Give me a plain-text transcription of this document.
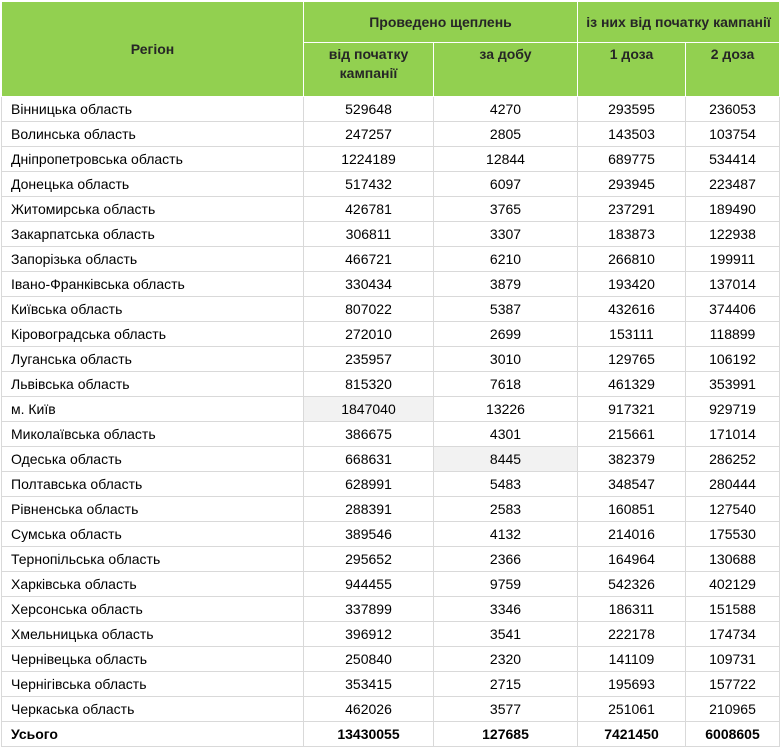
Регіон	Проведено щеплень		із них від початку кампанії	
	від початку кампанії	за добу	1 доза	2 доза
Вінницька область	529648	4270	293595	236053
Волинська область	247257	2805	143503	103754
Дніпропетровська область	1224189	12844	689775	534414
Донецька область	517432	6097	293945	223487
Житомирська область	426781	3765	237291	189490
Закарпатська область	306811	3307	183873	122938
Запорізька область	466721	6210	266810	199911
Івано-Франківська область	330434	3879	193420	137014
Київська область	807022	5387	432616	374406
Кіровоградська область	272010	2699	153111	118899
Луганська область	235957	3010	129765	106192
Львівська область	815320	7618	461329	353991
м. Київ	1847040	13226	917321	929719
Миколаївська область	386675	4301	215661	171014
Одеська область	668631	8445	382379	286252
Полтавська область	628991	5483	348547	280444
Рівненська область	288391	2583	160851	127540
Сумська область	389546	4132	214016	175530
Тернопільська область	295652	2366	164964	130688
Харківська область	944455	9759	542326	402129
Херсонська область	337899	3346	186311	151588
Хмельницька область	396912	3541	222178	174734
Чернівецька область	250840	2320	141109	109731
Чернігівська область	353415	2715	195693	157722
Черкаська область	462026	3577	251061	210965
Усього	13430055	127685	7421450	6008605
